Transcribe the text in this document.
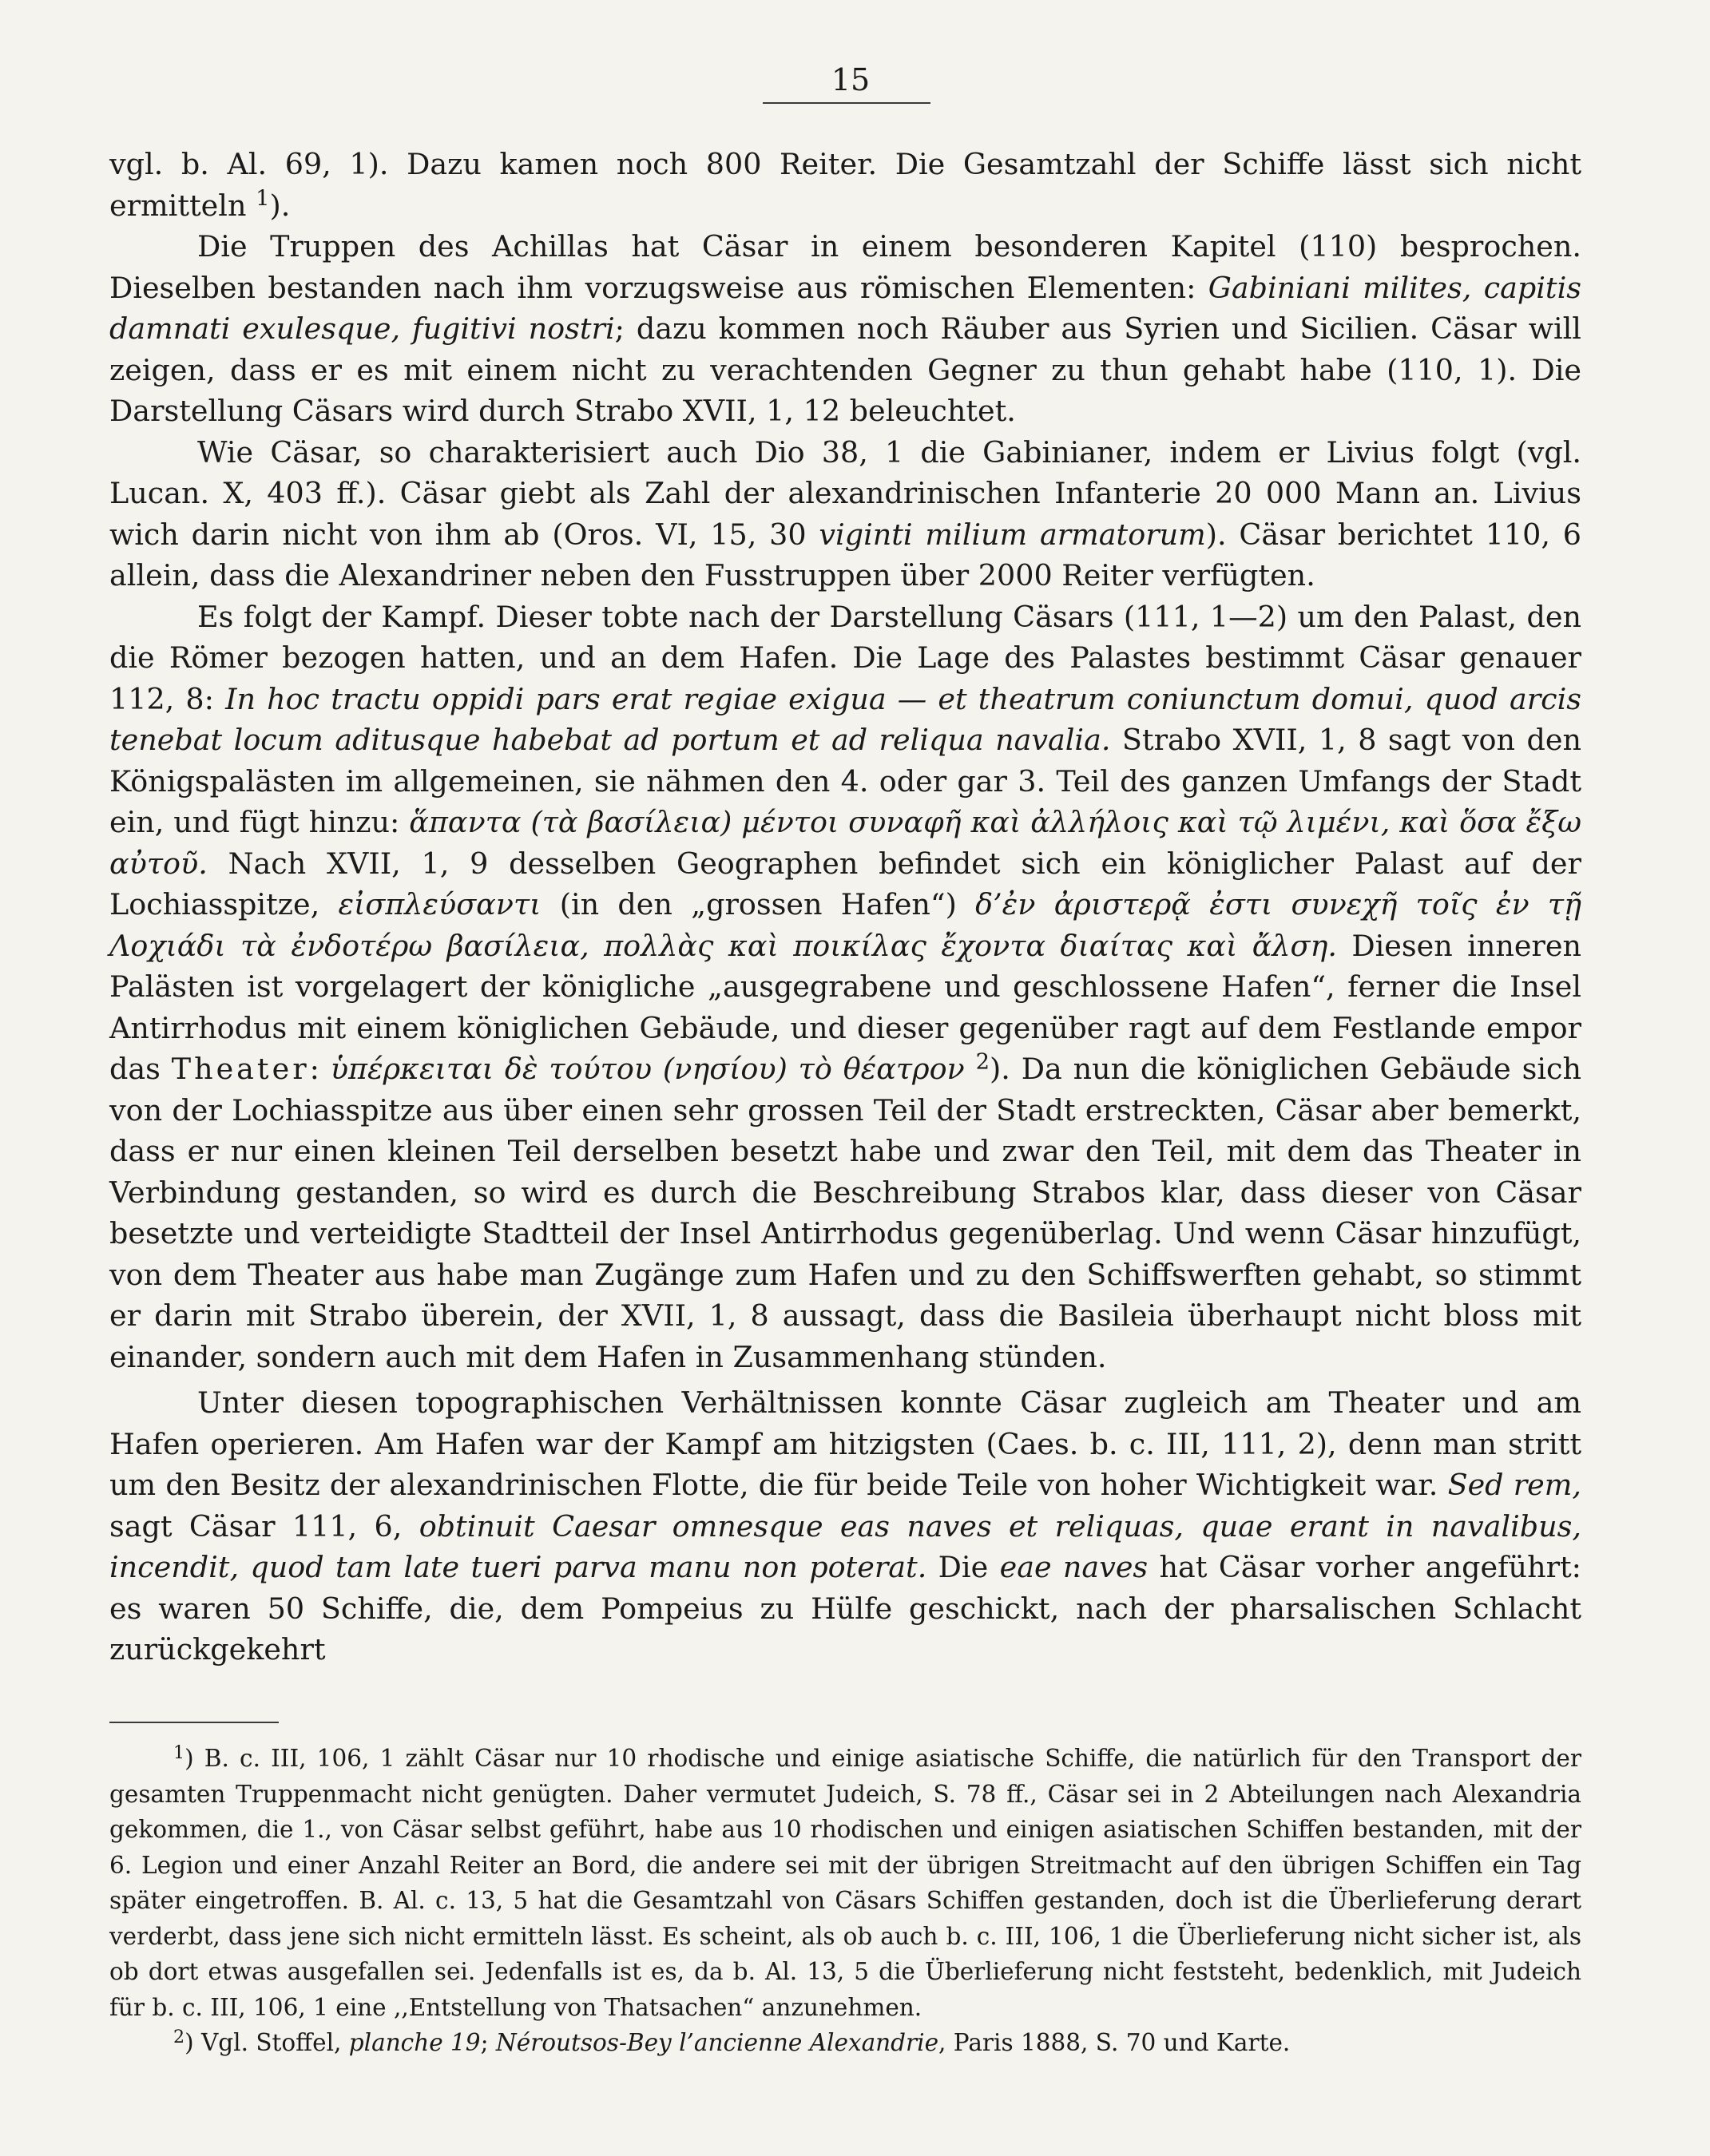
15

vgl. b. Al. 69, 1). Dazu kamen noch 800 Reiter. Die Gesamtzahl der Schiffe lässt sich nicht ermitteln $^1$).

Die Truppen des Achillas hat Cäsar in einem besonderen Kapitel (110) besprochen. Dieselben bestanden nach ihm vorzugsweise aus römischen Elementen: Gabiniani milites, capitis damnati exulesque, fugitivi nostri; dazu kommen noch Räuber aus Syrien und Sicilien. Cäsar will zeigen, dass er es mit einem nicht zu verachtenden Gegner zu thun gehabt habe (110, 1). Die Darstellung Cäsars wird durch Strabo XVII, 1, 12 beleuchtet.

Wie Cäsar, so charakterisiert auch Dio 38, 1 die Gabinianer, indem er Livius folgt (vgl. Lucan. X, 403 ff.). Cäsar giebt als Zahl der alexandrinischen Infanterie 20 000 Mann an. Livius wich darin nicht von ihm ab (Oros. VI, 15, 30 viginti milium armatorum). Cäsar berichtet 110, 6 allein, dass die Alexandriner neben den Fusstruppen über 2000 Reiter verfügten.

Es folgt der Kampf. Dieser tobte nach der Darstellung Cäsars (111, 1—2) um den Palast, den die Römer bezogen hatten, und an dem Hafen. Die Lage des Palastes bestimmt Cäsar genauer 112, 8: In hoc tractu oppidi pars erat regiae exigua — et theatrum coniunctum domui, quod arcis tenebat locum aditusque habebat ad portum et ad reliqua navalia. Strabo XVII, 1, 8 sagt von den Königspalästen im allgemeinen, sie nähmen den 4. oder gar 3. Teil des ganzen Umfangs der Stadt ein, und fügt hinzu: ἅπαντα (τὰ βασίλεια) μέντοι συναφῆ καὶ ἀλλήλοις καὶ τῷ λιμένι, καὶ ὅσα ἔξω αὐτοῦ. Nach XVII, 1, 9 desselben Geographen befindet sich ein königlicher Palast auf der Lochiasspitze, εἰσπλεύσαντι (in den „grossen Hafen“) δ’ἐν ἀριστερᾷ ἐστι συνεχῆ τοῖς ἐν τῇ Λοχιάδι τὰ ἐνδοτέρω βασίλεια, πολλὰς καὶ ποικίλας ἔχοντα διαίτας καὶ ἄλση. Diesen inneren Palästen ist vorgelagert der königliche „ausgegrabene und geschlossene Hafen“, ferner die Insel Antirrhodus mit einem königlichen Gebäude, und dieser gegenüber ragt auf dem Festlande empor das Theater: ὑπέρκειται δὲ τούτου (νησίου) τὸ θέατρον $^2$). Da nun die königlichen Gebäude sich von der Lochiasspitze aus über einen sehr grossen Teil der Stadt erstreckten, Cäsar aber bemerkt, dass er nur einen kleinen Teil derselben besetzt habe und zwar den Teil, mit dem das Theater in Verbindung gestanden, so wird es durch die Beschreibung Strabos klar, dass dieser von Cäsar besetzte und verteidigte Stadtteil der Insel Antirrhodus gegenüberlag. Und wenn Cäsar hinzufügt, von dem Theater aus habe man Zugänge zum Hafen und zu den Schiffswerften gehabt, so stimmt er darin mit Strabo überein, der XVII, 1, 8 aussagt, dass die Basileia überhaupt nicht bloss mit einander, sondern auch mit dem Hafen in Zusammenhang stünden.

Unter diesen topographischen Verhältnissen konnte Cäsar zugleich am Theater und am Hafen operieren. Am Hafen war der Kampf am hitzigsten (Caes. b. c. III, 111, 2), denn man stritt um den Besitz der alexandrinischen Flotte, die für beide Teile von hoher Wichtigkeit war. Sed rem, sagt Cäsar 111, 6, obtinuit Caesar omnesque eas naves et reliquas, quae erant in navalibus, incendit, quod tam late tueri parva manu non poterat. Die eae naves hat Cäsar vorher angeführt: es waren 50 Schiffe, die, dem Pompeius zu Hülfe geschickt, nach der pharsalischen Schlacht zurückgekehrt

$^1$) B. c. III, 106, 1 zählt Cäsar nur 10 rhodische und einige asiatische Schiffe, die natürlich für den Transport der gesamten Truppenmacht nicht genügten. Daher vermutet Judeich, S. 78 ff., Cäsar sei in 2 Abteilungen nach Alexandria gekommen, die 1., von Cäsar selbst geführt, habe aus 10 rhodischen und einigen asiatischen Schiffen bestanden, mit der 6. Legion und einer Anzahl Reiter an Bord, die andere sei mit der übrigen Streitmacht auf den übrigen Schiffen ein Tag später eingetroffen. B. Al. c. 13, 5 hat die Gesamtzahl von Cäsars Schiffen gestanden, doch ist die Überlieferung derart verderbt, dass jene sich nicht ermitteln lässt. Es scheint, als ob auch b. c. III, 106, 1 die Überlieferung nicht sicher ist, als ob dort etwas ausgefallen sei. Jedenfalls ist es, da b. Al. 13, 5 die Überlieferung nicht feststeht, bedenklich, mit Judeich für b. c. III, 106, 1 eine ,,Entstellung von Thatsachen“ anzunehmen.

$^2$) Vgl. Stoffel, planche 19; Néroutsos-Bey l’ancienne Alexandrie, Paris 1888, S. 70 und Karte.
